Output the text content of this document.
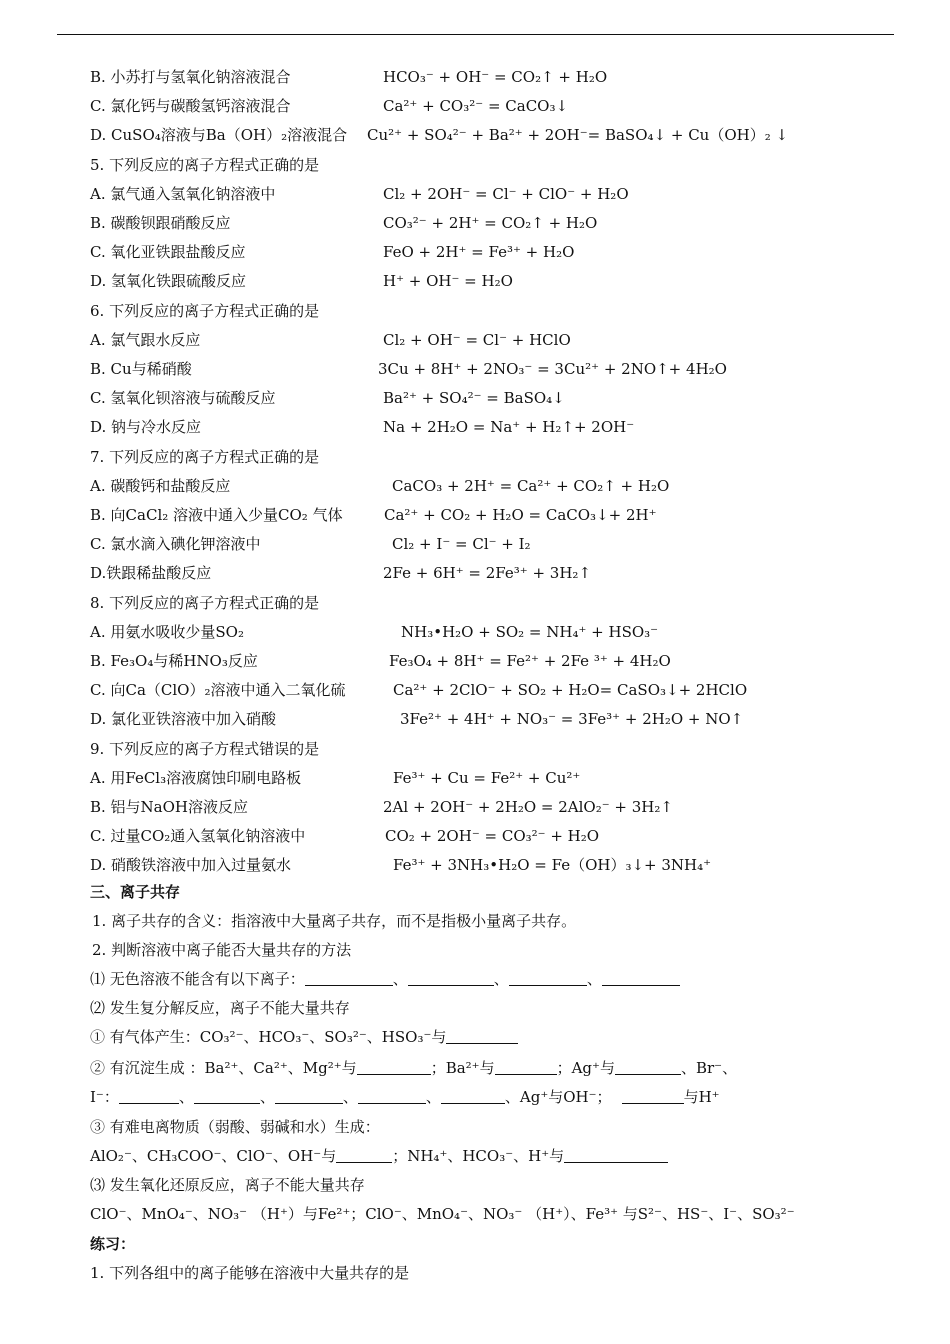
B. 小苏打与氢氧化钠溶液混合	HCO₃⁻ + OH⁻ = CO₂↑ + H₂O
C. 氯化钙与碳酸氢钙溶液混合	Ca²⁺ + CO₃²⁻ = CaCO₃↓
D. CuSO₄溶液与Ba（OH）₂溶液混合 Cu²⁺ + SO₄²⁻ + Ba²⁺ + 2OH⁻= BaSO₄↓ + Cu（OH）₂ ↓
5. 下列反应的离子方程式正确的是
A. 氯气通入氢氧化钠溶液中	Cl₂ + 2OH⁻ = Cl⁻ + ClO⁻ + H₂O
B. 碳酸钡跟硝酸反应	CO₃²⁻ + 2H⁺ = CO₂↑ + H₂O
C. 氧化亚铁跟盐酸反应	FeO + 2H⁺ = Fe³⁺ + H₂O
D. 氢氧化铁跟硫酸反应	H⁺ + OH⁻ = H₂O
6. 下列反应的离子方程式正确的是
A. 氯气跟水反应	Cl₂ + OH⁻ = Cl⁻ + HClO
B. Cu与稀硝酸	3Cu + 8H⁺ + 2NO₃⁻ = 3Cu²⁺ + 2NO↑+ 4H₂O
C. 氢氧化钡溶液与硫酸反应	Ba²⁺ + SO₄²⁻ = BaSO₄↓
D. 钠与冷水反应	Na + 2H₂O = Na⁺ + H₂↑+ 2OH⁻
7. 下列反应的离子方程式正确的是
A. 碳酸钙和盐酸反应	CaCO₃ + 2H⁺ = Ca²⁺ + CO₂↑ + H₂O
B. 向CaCl₂ 溶液中通入少量CO₂ 气体	Ca²⁺ + CO₂ + H₂O = CaCO₃↓+ 2H⁺
C. 氯水滴入碘化钾溶液中	Cl₂ + I⁻ = Cl⁻ + I₂
D.铁跟稀盐酸反应	2Fe + 6H⁺ = 2Fe³⁺ + 3H₂↑
8. 下列反应的离子方程式正确的是
A. 用氨水吸收少量SO₂	NH₃•H₂O + SO₂ = NH₄⁺ + HSO₃⁻
B. Fe₃O₄与稀HNO₃反应	Fe₃O₄ + 8H⁺ = Fe²⁺ + 2Fe ³⁺ + 4H₂O
C. 向Ca（ClO）₂溶液中通入二氧化硫	Ca²⁺ + 2ClO⁻ + SO₂ + H₂O= CaSO₃↓+ 2HClO
D. 氯化亚铁溶液中加入硝酸	3Fe²⁺ + 4H⁺ + NO₃⁻ = 3Fe³⁺ + 2H₂O + NO↑
9. 下列反应的离子方程式错误的是
A. 用FeCl₃溶液腐蚀印刷电路板	Fe³⁺ + Cu = Fe²⁺ + Cu²⁺
B. 铝与NaOH溶液反应	2Al + 2OH⁻ + 2H₂O = 2AlO₂⁻ + 3H₂↑
C. 过量CO₂通入氢氧化钠溶液中	CO₂ + 2OH⁻ = CO₃²⁻ + H₂O
D. 硝酸铁溶液中加入过量氨水	Fe³⁺ + 3NH₃•H₂O = Fe（OH）₃↓+ 3NH₄⁺
三、离子共存
1. 离子共存的含义：指溶液中大量离子共存，而不是指极小量离子共存。
2. 判断溶液中离子能否大量共存的方法
⑴ 无色溶液不能含有以下离子：	、	、	、
⑵ 发生复分解反应，离子不能大量共存
① 有气体产生：CO₃²⁻、HCO₃⁻、SO₃²⁻、HSO₃⁻与
② 有沉淀生成 ：Ba²⁺、Ca²⁺、Mg²⁺与	；Ba²⁺与	；Ag⁺与	、Br⁻、
I⁻：	、	、	、	、	、Ag⁺与OH⁻；	与H⁺
③ 有难电离物质（弱酸、弱碱和水）生成：
AlO₂⁻、CH₃COO⁻、ClO⁻、OH⁻与	；NH₄⁺、HCO₃⁻、H⁺与
⑶ 发生氧化还原反应，离子不能大量共存
ClO⁻、MnO₄⁻、NO₃⁻ （H⁺）与Fe²⁺；ClO⁻、MnO₄⁻、NO₃⁻ （H⁺）、Fe³⁺ 与S²⁻、HS⁻、I⁻、SO₃²⁻
练习：
1. 下列各组中的离子能够在溶液中大量共存的是
